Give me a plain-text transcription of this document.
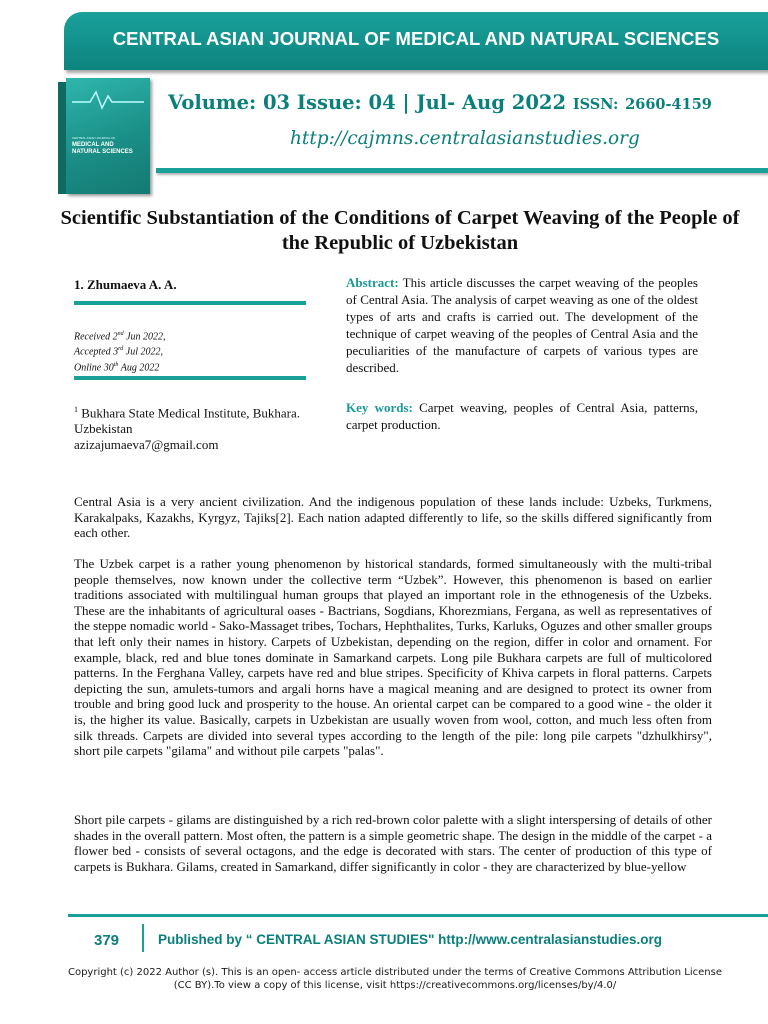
CENTRAL ASIAN JOURNAL OF MEDICAL AND NATURAL SCIENCES
CENTRAL ASIAN JOURNAL OF
MEDICAL AND NATURAL SCIENCES
Volume: 03 Issue: 04 | Jul- Aug 2022 ISSN: 2660-4159
http://cajmns.centralasianstudies.org
Scientific Substantiation of the Conditions of Carpet Weaving of the People of the Republic of Uzbekistan
1. Zhumaeva A. A.
Received 2nd Jun 2022,
Accepted 3rd Jul 2022,
Online 30th Aug 2022
$^1$ Bukhara State Medical Institute, Bukhara. Uzbekistan
azizajumaeva7@gmail.com
Abstract: This article discusses the carpet weaving of the peoples of Central Asia. The analysis of carpet weaving as one of the oldest types of arts and crafts is carried out. The development of the technique of carpet weaving of the peoples of Central Asia and the peculiarities of the manufacture of carpets of various types are described.
Key words: Carpet weaving, peoples of Central Asia, patterns, carpet production.

Central Asia is a very ancient civilization. And the indigenous population of these lands include: Uzbeks, Turkmens, Karakalpaks, Kazakhs, Kyrgyz, Tajiks[2]. Each nation adapted differently to life, so the skills differed significantly from each other.

The Uzbek carpet is a rather young phenomenon by historical standards, formed simultaneously with the multi-tribal people themselves, now known under the collective term “Uzbek”. However, this phenomenon is based on earlier traditions associated with multilingual human groups that played an important role in the ethnogenesis of the Uzbeks. These are the inhabitants of agricultural oases - Bactrians, Sogdians, Khorezmians, Fergana, as well as representatives of the steppe nomadic world - Sako-Massaget tribes, Tochars, Hephthalites, Turks, Karluks, Oguzes and other smaller groups that left only their names in history. Carpets of Uzbekistan, depending on the region, differ in color and ornament. For example, black, red and blue tones dominate in Samarkand carpets. Long pile Bukhara carpets are full of multicolored patterns. In the Ferghana Valley, carpets have red and blue stripes. Specificity of Khiva carpets in floral patterns. Carpets depicting the sun, amulets-tumors and argali horns have a magical meaning and are designed to protect its owner from trouble and bring good luck and prosperity to the house. An oriental carpet can be compared to a good wine - the older it is, the higher its value. Basically, carpets in Uzbekistan are usually woven from wool, cotton, and much less often from silk threads. Carpets are divided into several types according to the length of the pile: long pile carpets "dzhulkhirsy", short pile carpets "gilama" and without pile carpets "palas".

Short pile carpets - gilams are distinguished by a rich red-brown color palette with a slight interspersing of details of other shades in the overall pattern. Most often, the pattern is a simple geometric shape. The design in the middle of the carpet - a flower bed - consists of several octagons, and the edge is decorated with stars. The center of production of this type of carpets is Bukhara. Gilams, created in Samarkand, differ significantly in color - they are characterized by blue-yellow

379	Published by “ CENTRAL ASIAN STUDIES" http://www.centralasianstudies.org
Copyright (c) 2022 Author (s). This is an open- access article distributed under the terms of Creative Commons Attribution License (CC BY).To view a copy of this license, visit https://creativecommons.org/licenses/by/4.0/
